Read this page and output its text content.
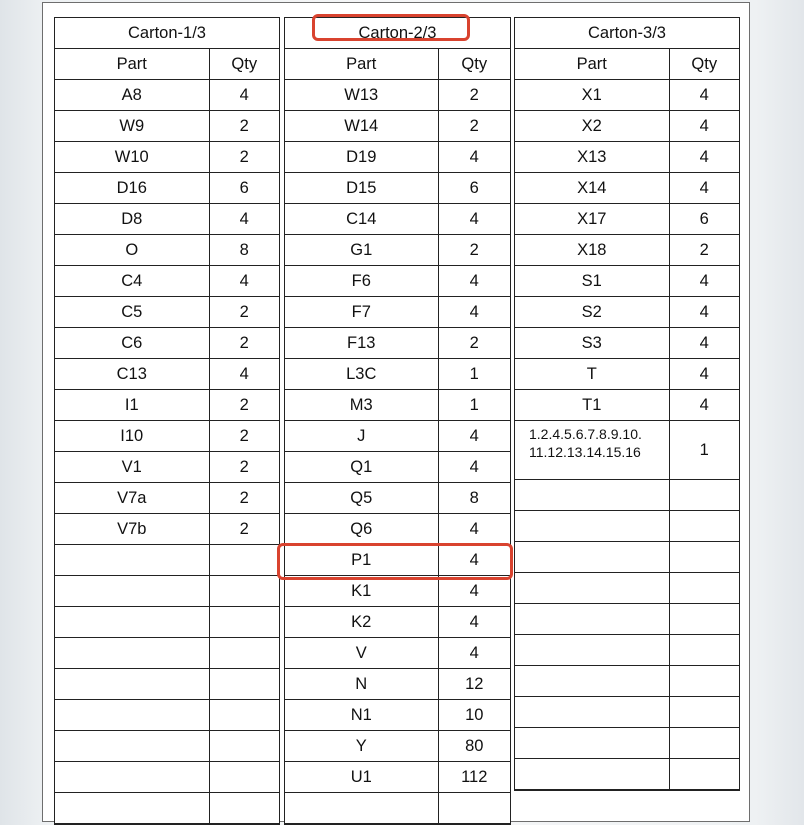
Carton-1/3	
Part	Qty
A8	4
W9	2
W10	2
D16	6
D8	4
O	8
C4	4
C5	2
C6	2
C13	4
I1	2
I10	2
V1	2
V7a	2
V7b	2

Carton-2/3	
Part	Qty
W13	2
W14	2
D19	4
D15	6
C14	4
G1	2
F6	4
F7	4
F13	2
L3C	1
M3	1
J	4
Q1	4
Q5	8
Q6	4
P1	4
K1	4
K2	4
V	4
N	12
N1	10
Y	80
U1	112

Carton-3/3	
Part	Qty
X1	4
X2	4
X13	4
X14	4
X17	6
X18	2
S1	4
S2	4
S3	4
T	4
T1	4
1.2.4.5.6.7.8.9.10.
11.12.13.14.15.16	1
